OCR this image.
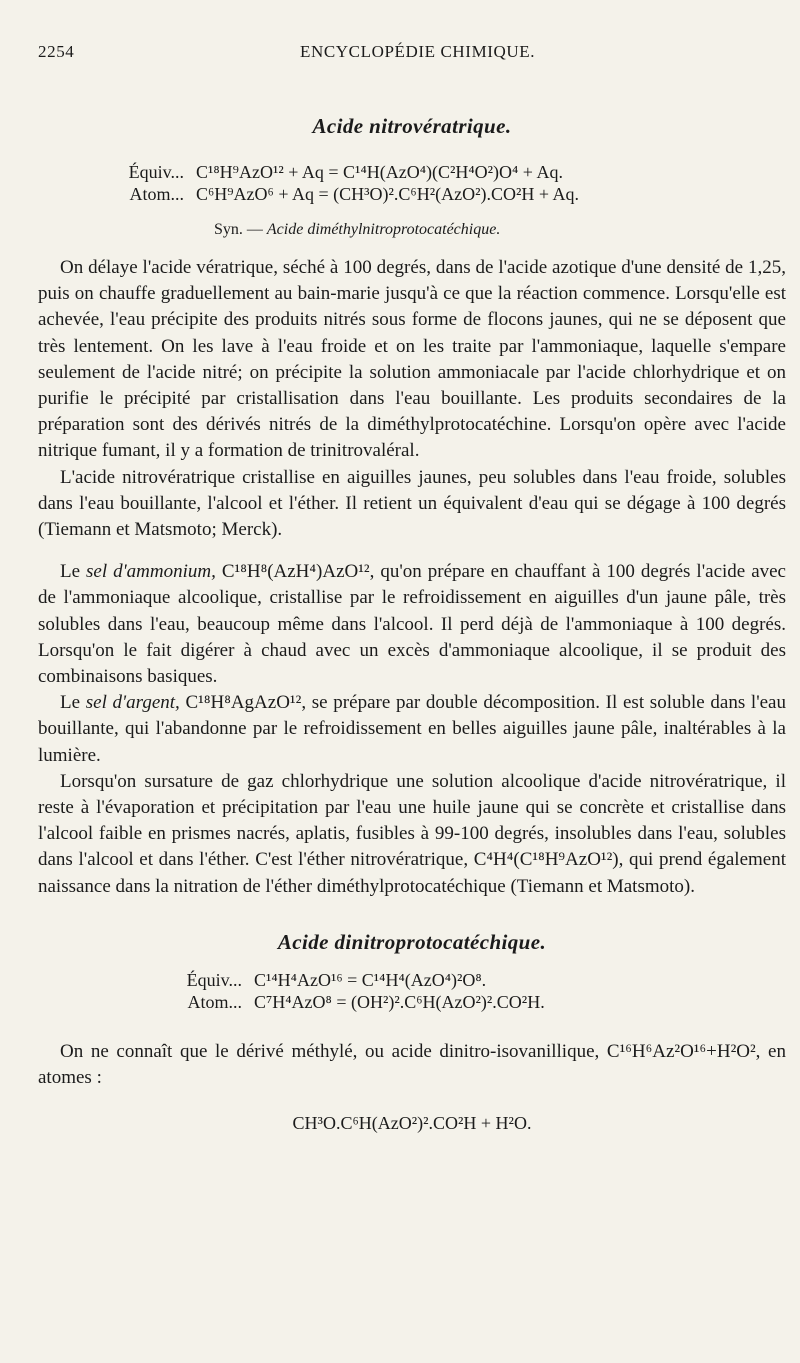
2254	ENCYCLOPÉDIE CHIMIQUE.
Acide nitrovératrique.
Équiv... C¹⁸H⁹AzO¹² + Aq = C¹⁴H(AzO⁴)(C²H⁴O²)O⁴ + Aq.
Atom... C⁶H⁹AzO⁶ + Aq = (CH³O)².C⁶H²(AzO²).CO²H + Aq.
Syn. — Acide diméthylnitroprotocatéchique.

On délaye l'acide vératrique, séché à 100 degrés, dans de l'acide azotique d'une densité de 1,25, puis on chauffe graduellement au bain-marie jusqu'à ce que la réaction commence. Lorsqu'elle est achevée, l'eau précipite des produits nitrés sous forme de flocons jaunes, qui ne se déposent que très lentement. On les lave à l'eau froide et on les traite par l'ammoniaque, laquelle s'empare seulement de l'acide nitré; on précipite la solution ammoniacale par l'acide chlorhydrique et on purifie le précipité par cristallisation dans l'eau bouillante. Les produits secondaires de la préparation sont des dérivés nitrés de la diméthylprotocatéchine. Lorsqu'on opère avec l'acide nitrique fumant, il y a formation de trinitrovaléral.

L'acide nitrovératrique cristallise en aiguilles jaunes, peu solubles dans l'eau froide, solubles dans l'eau bouillante, l'alcool et l'éther. Il retient un équivalent d'eau qui se dégage à 100 degrés (Tiemann et Matsmoto; Merck).

Le sel d'ammonium, C¹⁸H⁸(AzH⁴)AzO¹², qu'on prépare en chauffant à 100 degrés l'acide avec de l'ammoniaque alcoolique, cristallise par le refroidissement en aiguilles d'un jaune pâle, très solubles dans l'eau, beaucoup même dans l'alcool. Il perd déjà de l'ammoniaque à 100 degrés. Lorsqu'on le fait digérer à chaud avec un excès d'ammoniaque alcoolique, il se produit des combinaisons basiques.

Le sel d'argent, C¹⁸H⁸AgAzO¹², se prépare par double décomposition. Il est soluble dans l'eau bouillante, qui l'abandonne par le refroidissement en belles aiguilles jaune pâle, inaltérables à la lumière.

Lorsqu'on sursature de gaz chlorhydrique une solution alcoolique d'acide nitrovératrique, il reste à l'évaporation et précipitation par l'eau une huile jaune qui se concrète et cristallise dans l'alcool faible en prismes nacrés, aplatis, fusibles à 99-100 degrés, insolubles dans l'eau, solubles dans l'alcool et dans l'éther. C'est l'éther nitrovératrique, C⁴H⁴(C¹⁸H⁹AzO¹²), qui prend également naissance dans la nitration de l'éther diméthylprotocatéchique (Tiemann et Matsmoto).

Acide dinitroprotocatéchique.
Équiv... C¹⁴H⁴AzO¹⁶ = C¹⁴H⁴(AzO⁴)²O⁸.
Atom... C⁷H⁴AzO⁸ = (OH²)².C⁶H(AzO²)².CO²H.

On ne connaît que le dérivé méthylé, ou acide dinitro-isovanillique, C¹⁶H⁶Az²O¹⁶+H²O², en atomes :

CH³O.C⁶H(AzO²)².CO²H + H²O.
